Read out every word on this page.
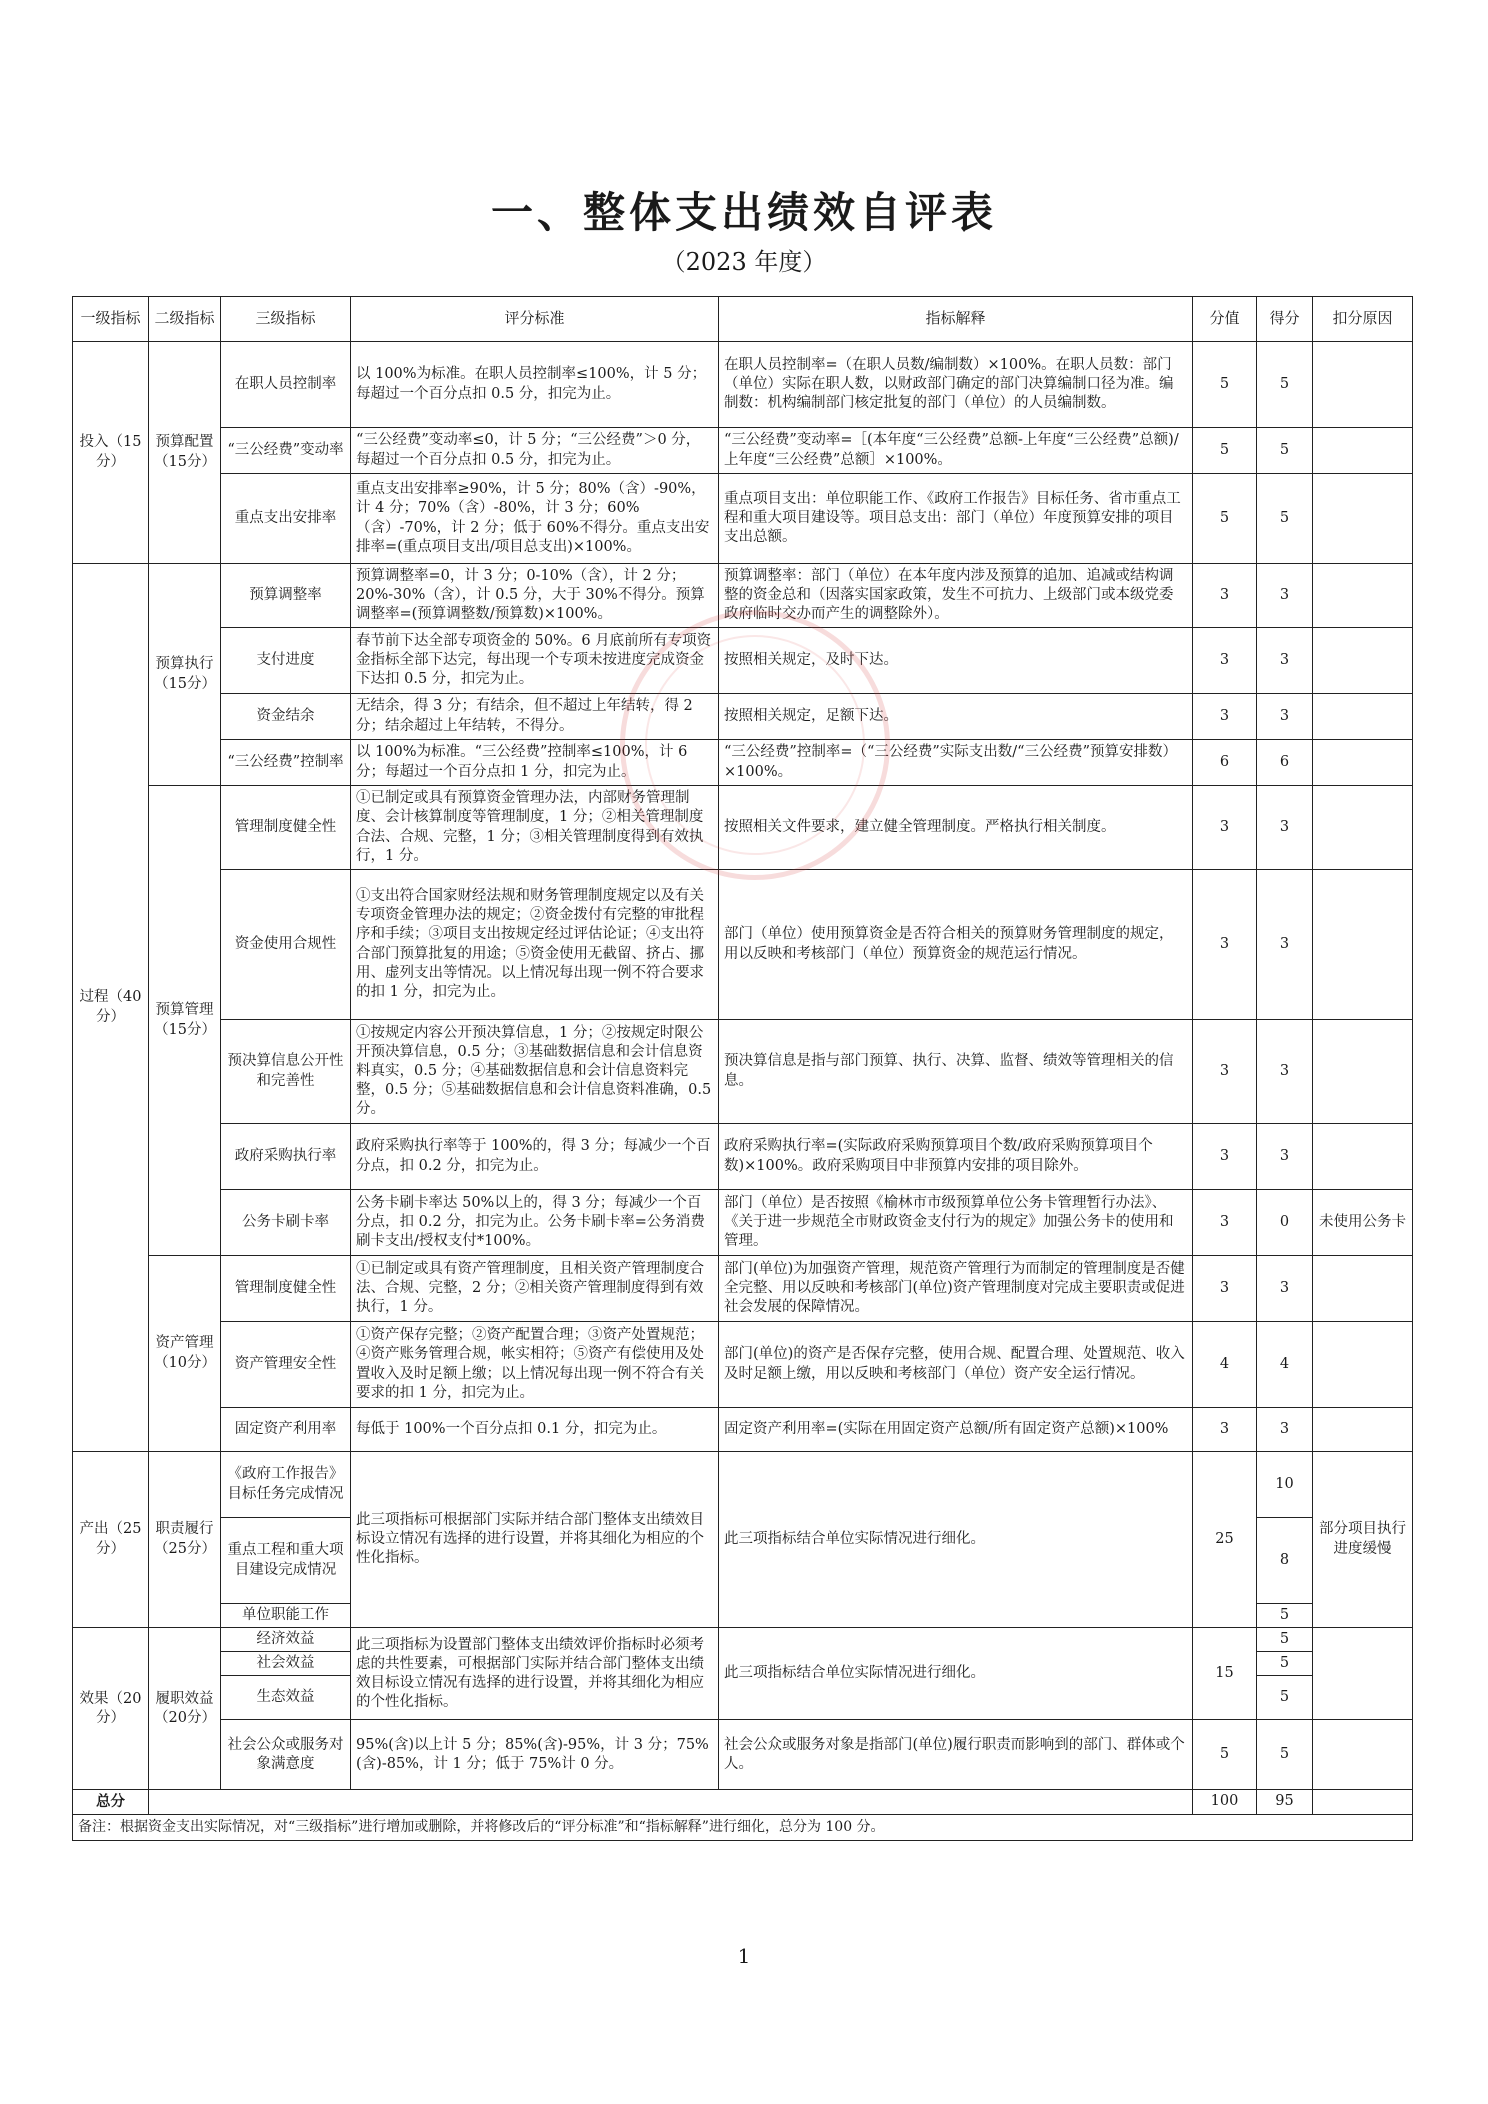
一、整体支出绩效自评表
（2023 年度）
一级指标	二级指标	三级指标	评分标准	指标解释	分值	得分	扣分原因
投入（15分）	预算配置（15分）	在职人员控制率	以 100%为标准。在职人员控制率≤100%，计 5 分；每超过一个百分点扣 0.5 分，扣完为止。	在职人员控制率=（在职人员数/编制数）×100%。在职人员数：部门（单位）实际在职人数，以财政部门确定的部门决算编制口径为准。编制数：机构编制部门核定批复的部门（单位）的人员编制数。	5	5	
		“三公经费”变动率	“三公经费”变动率≤0，计 5 分；“三公经费”＞0 分，每超过一个百分点扣 0.5 分，扣完为止。	“三公经费”变动率=［(本年度“三公经费”总额-上年度“三公经费”总额)/上年度“三公经费”总额］×100%。	5	5	
		重点支出安排率	重点支出安排率≥90%，计 5 分；80%（含）-90%，计 4 分；70%（含）-80%，计 3 分；60%（含）-70%，计 2 分；低于 60%不得分。重点支出安排率=(重点项目支出/项目总支出)×100%。	重点项目支出：单位职能工作、《政府工作报告》目标任务、省市重点工程和重大项目建设等。项目总支出：部门（单位）年度预算安排的项目支出总额。	5	5	
过程（40分）	预算执行（15分）	预算调整率	预算调整率=0，计 3 分；0-10%（含），计 2 分；20%-30%（含），计 0.5 分，大于 30%不得分。预算调整率=(预算调整数/预算数)×100%。	预算调整率：部门（单位）在本年度内涉及预算的追加、追减或结构调整的资金总和（因落实国家政策，发生不可抗力、上级部门或本级党委政府临时交办而产生的调整除外）。	3	3	
		支付进度	春节前下达全部专项资金的 50%。6 月底前所有专项资金指标全部下达完，每出现一个专项未按进度完成资金下达扣 0.5 分，扣完为止。	按照相关规定，及时下达。	3	3	
		资金结余	无结余，得 3 分；有结余，但不超过上年结转，得 2 分；结余超过上年结转，不得分。	按照相关规定，足额下达。	3	3	
		“三公经费”控制率	以 100%为标准。“三公经费”控制率≤100%，计 6 分；每超过一个百分点扣 1 分，扣完为止。	“三公经费”控制率=（“三公经费”实际支出数/“三公经费”预算安排数）×100%。	6	6	
	预算管理（15分）	管理制度健全性	①已制定或具有预算资金管理办法，内部财务管理制度、会计核算制度等管理制度，1 分；②相关管理制度合法、合规、完整，1 分；③相关管理制度得到有效执行，1 分。	按照相关文件要求，建立健全管理制度。严格执行相关制度。	3	3	
		资金使用合规性	①支出符合国家财经法规和财务管理制度规定以及有关专项资金管理办法的规定；②资金拨付有完整的审批程序和手续；③项目支出按规定经过评估论证；④支出符合部门预算批复的用途；⑤资金使用无截留、挤占、挪用、虚列支出等情况。以上情况每出现一例不符合要求的扣 1 分，扣完为止。	部门（单位）使用预算资金是否符合相关的预算财务管理制度的规定，用以反映和考核部门（单位）预算资金的规范运行情况。	3	3	
		预决算信息公开性和完善性	①按规定内容公开预决算信息，1 分；②按规定时限公开预决算信息，0.5 分；③基础数据信息和会计信息资料真实，0.5 分；④基础数据信息和会计信息资料完整，0.5 分；⑤基础数据信息和会计信息资料准确，0.5 分。	预决算信息是指与部门预算、执行、决算、监督、绩效等管理相关的信息。	3	3	
		政府采购执行率	政府采购执行率等于 100%的，得 3 分；每减少一个百分点，扣 0.2 分，扣完为止。	政府采购执行率=(实际政府采购预算项目个数/政府采购预算项目个数)×100%。政府采购项目中非预算内安排的项目除外。	3	3	
		公务卡刷卡率	公务卡刷卡率达 50%以上的，得 3 分；每减少一个百分点，扣 0.2 分，扣完为止。公务卡刷卡率=公务消费刷卡支出/授权支付*100%。	部门（单位）是否按照《榆林市市级预算单位公务卡管理暂行办法》、《关于进一步规范全市财政资金支付行为的规定》加强公务卡的使用和管理。	3	0	未使用公务卡
	资产管理（10分）	管理制度健全性	①已制定或具有资产管理制度，且相关资产管理制度合法、合规、完整，2 分；②相关资产管理制度得到有效执行，1 分。	部门(单位)为加强资产管理，规范资产管理行为而制定的管理制度是否健全完整、用以反映和考核部门(单位)资产管理制度对完成主要职责或促进社会发展的保障情况。	3	3	
		资产管理安全性	①资产保存完整；②资产配置合理；③资产处置规范；④资产账务管理合规，帐实相符；⑤资产有偿使用及处置收入及时足额上缴；以上情况每出现一例不符合有关要求的扣 1 分，扣完为止。	部门(单位)的资产是否保存完整，使用合规、配置合理、处置规范、收入及时足额上缴，用以反映和考核部门（单位）资产安全运行情况。	4	4	
		固定资产利用率	每低于 100%一个百分点扣 0.1 分，扣完为止。	固定资产利用率=(实际在用固定资产总额/所有固定资产总额)×100%	3	3	
产出（25分）	职责履行（25分）	《政府工作报告》目标任务完成情况	此三项指标可根据部门实际并结合部门整体支出绩效目标设立情况有选择的进行设置，并将其细化为相应的个性化指标。	此三项指标结合单位实际情况进行细化。	25	10	部分项目执行进度缓慢
		重点工程和重大项目建设完成情况				8	
		单位职能工作				5	
效果（20分）	履职效益（20分）	经济效益	此三项指标为设置部门整体支出绩效评价指标时必须考虑的共性要素，可根据部门实际并结合部门整体支出绩效目标设立情况有选择的进行设置，并将其细化为相应的个性化指标。	此三项指标结合单位实际情况进行细化。	15	5	
		社会效益				5	
		生态效益				5	
		社会公众或服务对象满意度	95%(含)以上计 5 分；85%(含)-95%，计 3 分；75%(含)-85%，计 1 分；低于 75%计 0 分。	社会公众或服务对象是指部门(单位)履行职责而影响到的部门、群体或个人。	5	5	
总分					100	95	
备注：根据资金支出实际情况，对“三级指标”进行增加或删除，并将修改后的“评分标准”和“指标解释”进行细化，总分为 100 分。							
1
